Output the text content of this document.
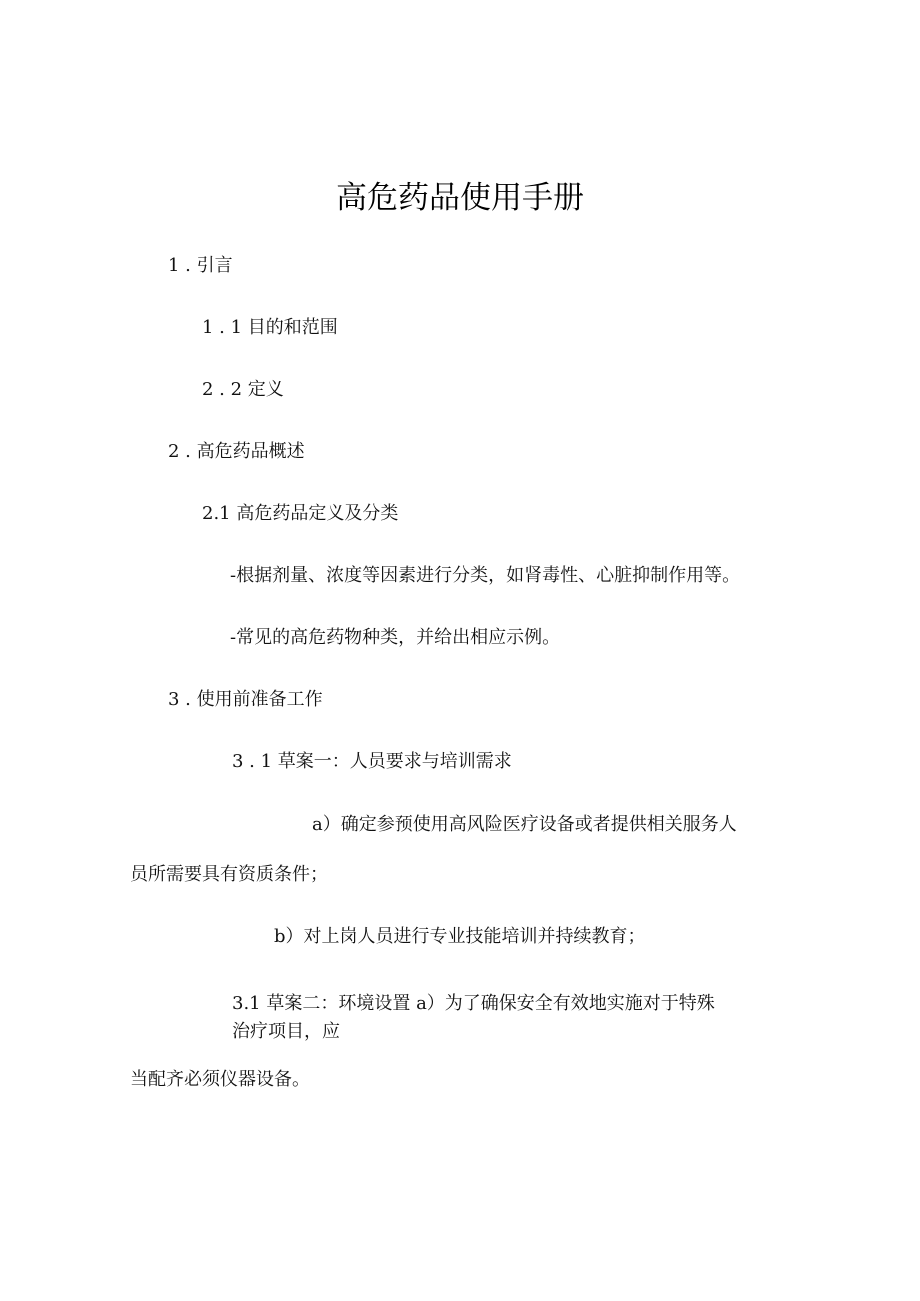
高危药品使用手册
1 . 引言
1 . 1 目的和范围
2 . 2 定义
2 . 高危药品概述
2.1 高危药品定义及分类
-根据剂量、浓度等因素进行分类，如肾毒性、心脏抑制作用等。
-常见的高危药物种类，并给出相应示例。
3 . 使用前准备工作
3 . 1 草案一：人员要求与培训需求
a）确定参预使用高风险医疗设备或者提供相关服务人
员所需要具有资质条件；
b）对上岗人员进行专业技能培训并持续教育；
3.1 草案二：环境设置 a）为了确保安全有效地实施对于特殊
治疗项目，应
当配齐必须仪器设备。
